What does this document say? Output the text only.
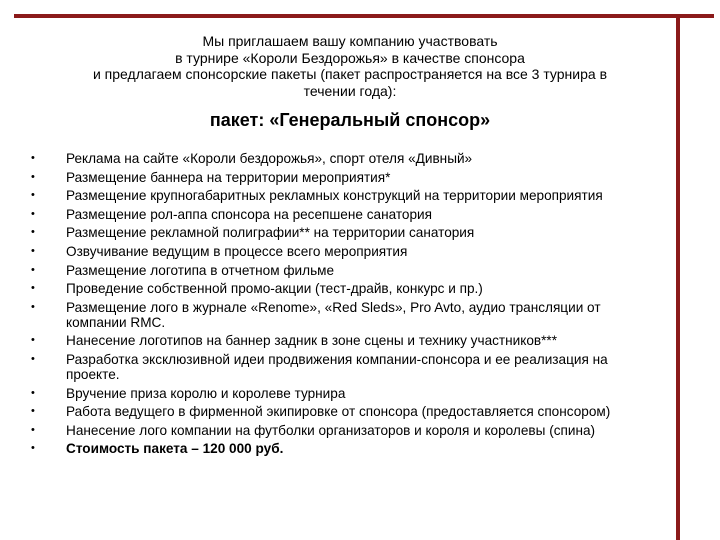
Мы приглашаем вашу компанию участвовать
в турнире «Короли Бездорожья» в качестве спонсора
и предлагаем спонсорские пакеты (пакет распространяется на все 3 турнира в
течении года):
пакет: «Генеральный спонсор»
• Реклама на сайте «Короли бездорожья», спорт отеля «Дивный»
• Размещение баннера на территории мероприятия*
• Размещение крупногабаритных рекламных конструкций на территории мероприятия
• Размещение рол-аппа спонсора на ресепшене санатория
• Размещение рекламной полиграфии** на территории санатория
• Озвучивание ведущим в процессе всего мероприятия
• Размещение логотипа в отчетном фильме
• Проведение собственной промо-акции (тест-драйв, конкурс и пр.)
• Размещение лого в журнале «Renome», «Red Sleds», Pro Avto, аудио трансляции от компании RMC.
• Нанесение логотипов на баннер задник в зоне сцены и технику участников***
• Разработка эксклюзивной идеи продвижения компании-спонсора и ее реализация на проекте.
• Вручение приза королю и королеве турнира
• Работа ведущего в фирменной экипировке от спонсора (предоставляется спонсором)
• Нанесение лого компании на футболки организаторов и короля и королевы (спина)
• Стоимость пакета – 120 000 руб.
